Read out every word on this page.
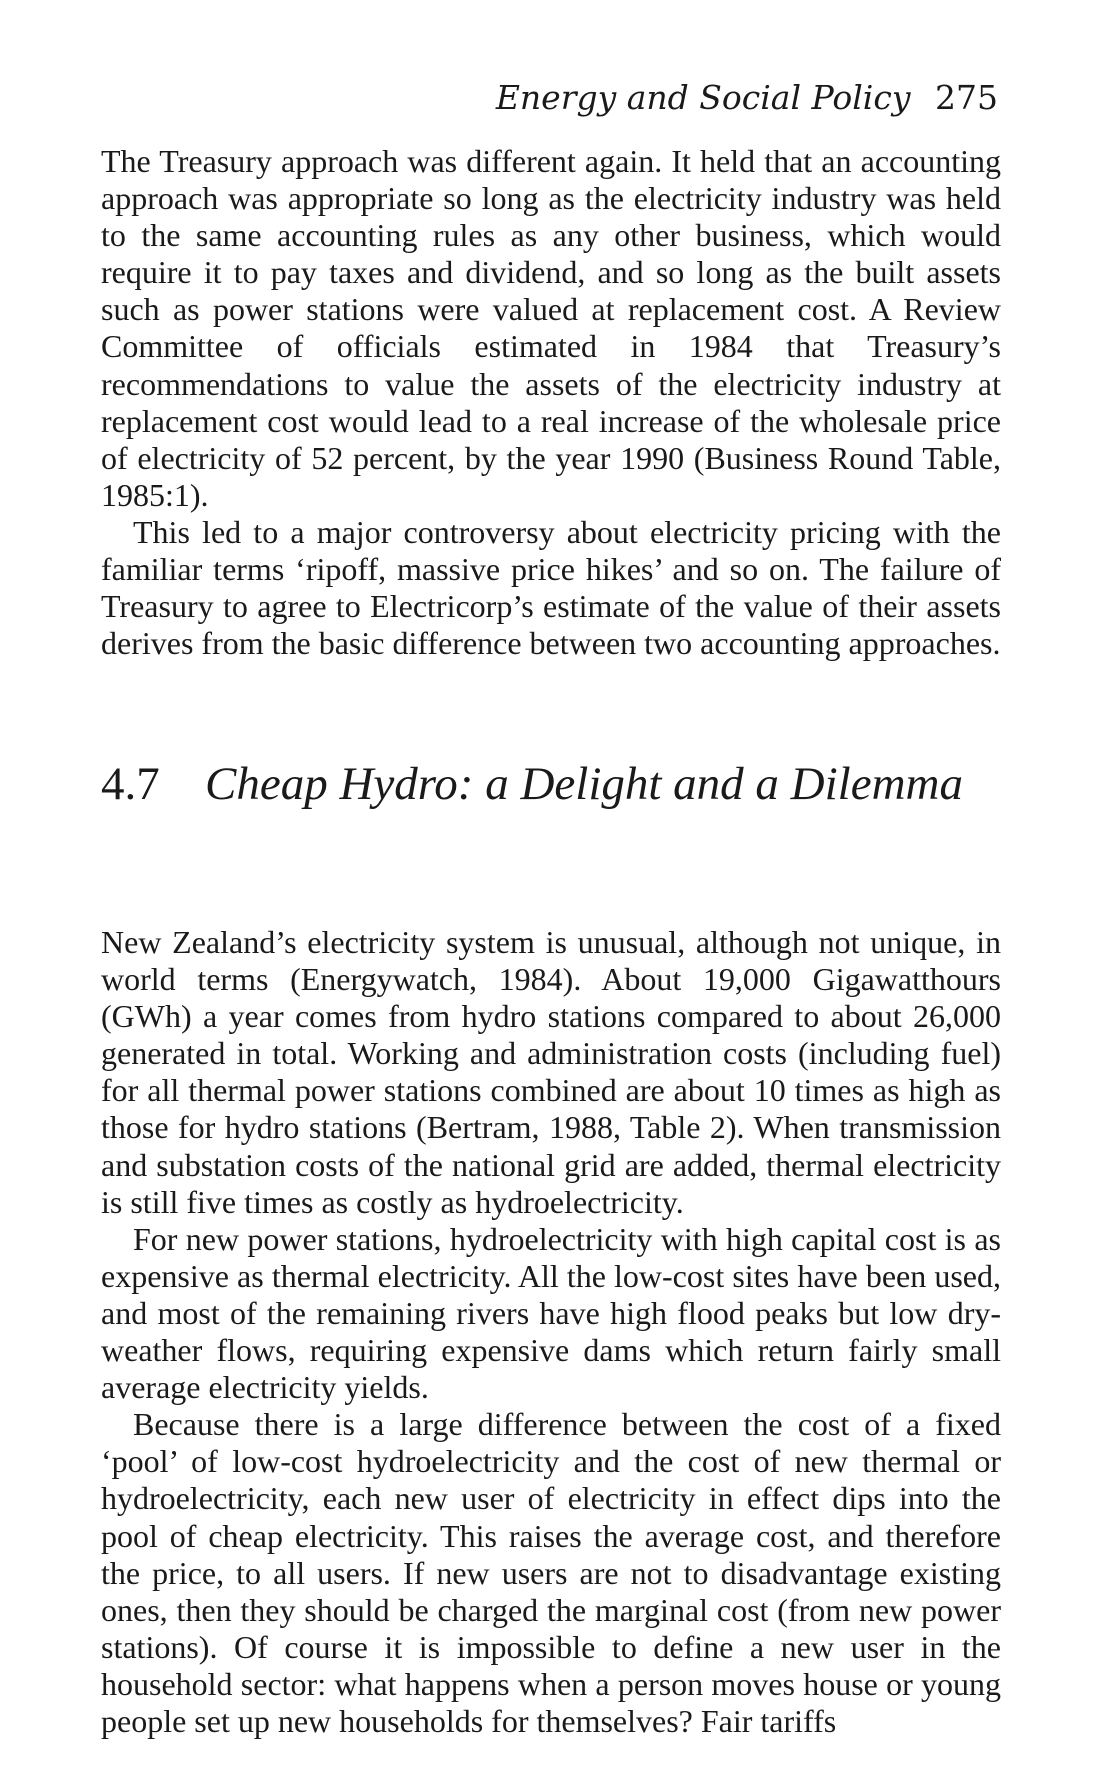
Energy and Social Policy 275

The Treasury approach was different again. It held that an accounting approach was appropriate so long as the electricity industry was held to the same accounting rules as any other business, which would require it to pay taxes and dividend, and so long as the built assets such as power stations were valued at replacement cost. A Review Committee of officials estimated in 1984 that Treasury’s recommendations to value the assets of the electricity industry at replacement cost would lead to a real increase of the wholesale price of electricity of 52 percent, by the year 1990 (Business Round Table, 1985:1).

This led to a major controversy about electricity pricing with the familiar terms ‘ripoff, massive price hikes’ and so on. The failure of Treasury to agree to Electricorp’s estimate of the value of their assets derives from the basic difference between two accounting approaches.

4.7 Cheap Hydro: a Delight and a Dilemma

New Zealand’s electricity system is unusual, although not unique, in world terms (Energywatch, 1984). About 19,000 Gigawatthours (GWh) a year comes from hydro stations compared to about 26,000 generated in total. Working and administration costs (including fuel) for all thermal power stations combined are about 10 times as high as those for hydro stations (Bertram, 1988, Table 2). When transmission and substation costs of the national grid are added, thermal electricity is still five times as costly as hydroelectricity.

For new power stations, hydroelectricity with high capital cost is as expensive as thermal electricity. All the low-cost sites have been used, and most of the remaining rivers have high flood peaks but low dry-weather flows, requiring expensive dams which return fairly small average electricity yields.

Because there is a large difference between the cost of a fixed ‘pool’ of low-cost hydroelectricity and the cost of new thermal or hydroelectricity, each new user of electricity in effect dips into the pool of cheap electricity. This raises the average cost, and therefore the price, to all users. If new users are not to disadvantage existing ones, then they should be charged the marginal cost (from new power stations). Of course it is impossible to define a new user in the household sector: what happens when a person moves house or young people set up new households for themselves? Fair tariffs
